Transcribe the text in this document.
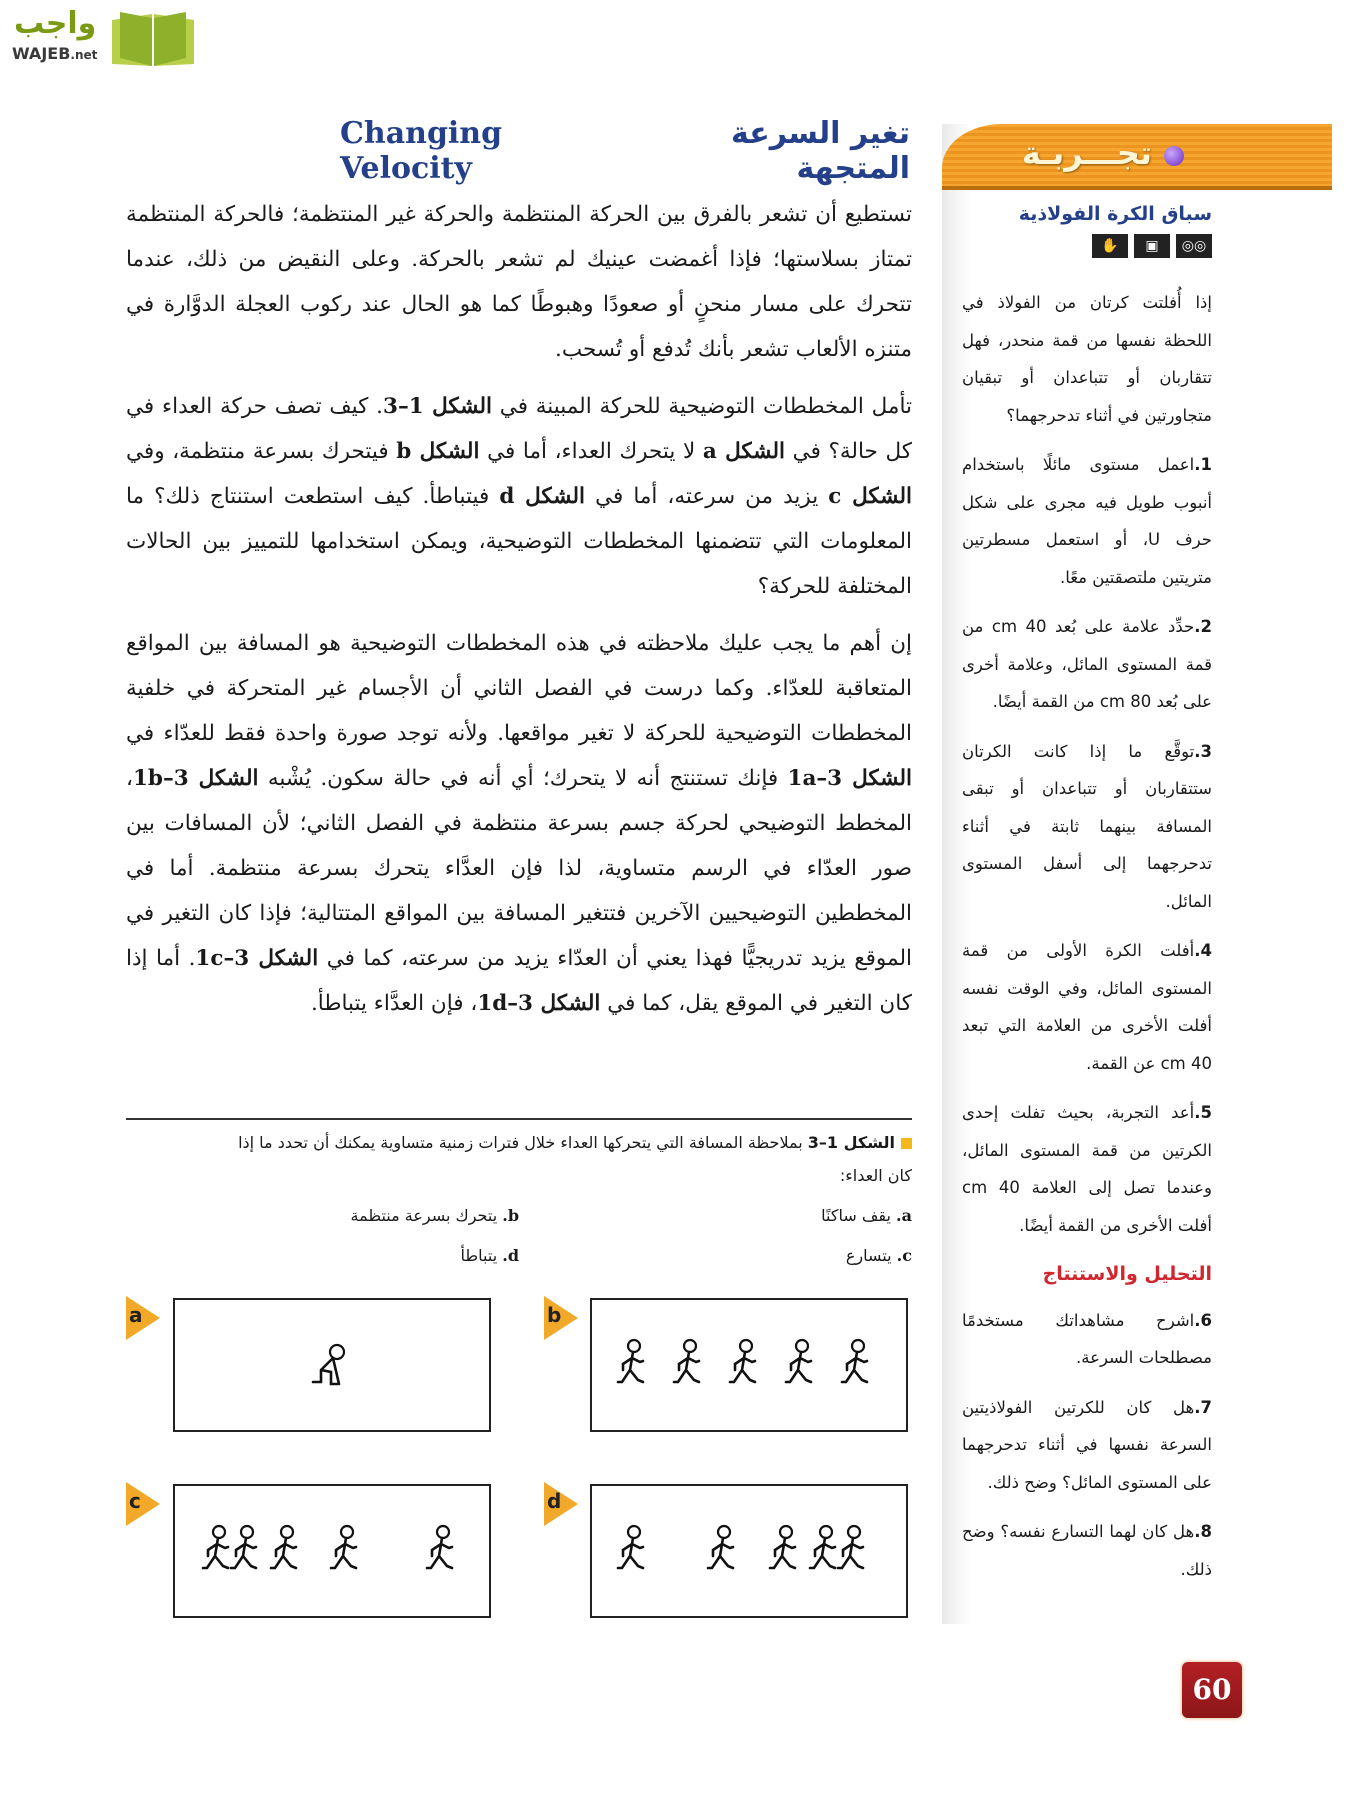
واجب
WAJEB.net
Changing Velocity
تغير السرعة المتجهة

تستطيع أن تشعر بالفرق بين الحركة المنتظمة والحركة غير المنتظمة؛ فالحركة المنتظمة تمتاز بسلاستها؛ فإذا أغمضت عينيك لم تشعر بالحركة. وعلى النقيض من ذلك، عندما تتحرك على مسار منحنٍ أو صعودًا وهبوطًا كما هو الحال عند ركوب العجلة الدوَّارة في متنزه الألعاب تشعر بأنك تُدفع أو تُسحب.

تأمل المخططات التوضيحية للحركة المبينة في الشكل 1–3. كيف تصف حركة العداء في كل حالة؟ في الشكل a لا يتحرك العداء، أما في الشكل b فيتحرك بسرعة منتظمة، وفي الشكل c يزيد من سرعته، أما في الشكل d فيتباطأ. كيف استطعت استنتاج ذلك؟ ما المعلومات التي تتضمنها المخططات التوضيحية، ويمكن استخدامها للتمييز بين الحالات المختلفة للحركة؟

إن أهم ما يجب عليك ملاحظته في هذه المخططات التوضيحية هو المسافة بين المواقع المتعاقبة للعدّاء. وكما درست في الفصل الثاني أن الأجسام غير المتحركة في خلفية المخططات التوضيحية للحركة لا تغير مواقعها. ولأنه توجد صورة واحدة فقط للعدّاء في الشكل 1a–3 فإنك تستنتج أنه لا يتحرك؛ أي أنه في حالة سكون. يُشْبه الشكل 1b–3، المخطط التوضيحي لحركة جسم بسرعة منتظمة في الفصل الثاني؛ لأن المسافات بين صور العدّاء في الرسم متساوية، لذا فإن العدَّاء يتحرك بسرعة منتظمة. أما في المخططين التوضيحيين الآخرين فتتغير المسافة بين المواقع المتتالية؛ فإذا كان التغير في الموقع يزيد تدريجيًّا فهذا يعني أن العدّاء يزيد من سرعته، كما في الشكل 1c–3. أما إذا كان التغير في الموقع يقل، كما في الشكل 1d–3، فإن العدَّاء يتباطأ.

الشكل 1–3 بملاحظة المسافة التي يتحركها العداء خلال فترات زمنية متساوية يمكنك أن تحدد ما إذا
كان العداء:
a. يقف ساكنًا
b. يتحرك بسرعة منتظمة
c. يتسارع
d. يتباطأ
a	b
c	d
تجـــربـة
سباق الكرة الفولاذية
◎◎
▣
✋

إذا أُفلتت كرتان من الفولاذ في اللحظة نفسها من قمة منحدر، فهل تتقاربان أو تتباعدان أو تبقيان متجاورتين في أثناء تدحرجهما؟

1.اعمل مستوى مائلًا باستخدام أنبوب طويل فيه مجرى على شكل حرف U، أو استعمل مسطرتين متريتين ملتصقتين معًا.

2.حدِّد علامة على بُعد 40 cm من قمة المستوى المائل، وعلامة أخرى على بُعد 80 cm من القمة أيضًا.

3.توقَّع ما إذا كانت الكرتان ستتقاربان أو تتباعدان أو تبقى المسافة بينهما ثابتة في أثناء تدحرجهما إلى أسفل المستوى المائل.

4.أفلت الكرة الأولى من قمة المستوى المائل، وفي الوقت نفسه أفلت الأخرى من العلامة التي تبعد 40 cm عن القمة.

5.أعد التجربة، بحيث تفلت إحدى الكرتين من قمة المستوى المائل، وعندما تصل إلى العلامة 40 cm أفلت الأخرى من القمة أيضًا.

التحليل والاستنتاج

6.اشرح مشاهداتك مستخدمًا مصطلحات السرعة.

7.هل كان للكرتين الفولاذيتين السرعة نفسها في أثناء تدحرجهما على المستوى المائل؟ وضح ذلك.

8.هل كان لهما التسارع نفسه؟ وضح ذلك.

60
